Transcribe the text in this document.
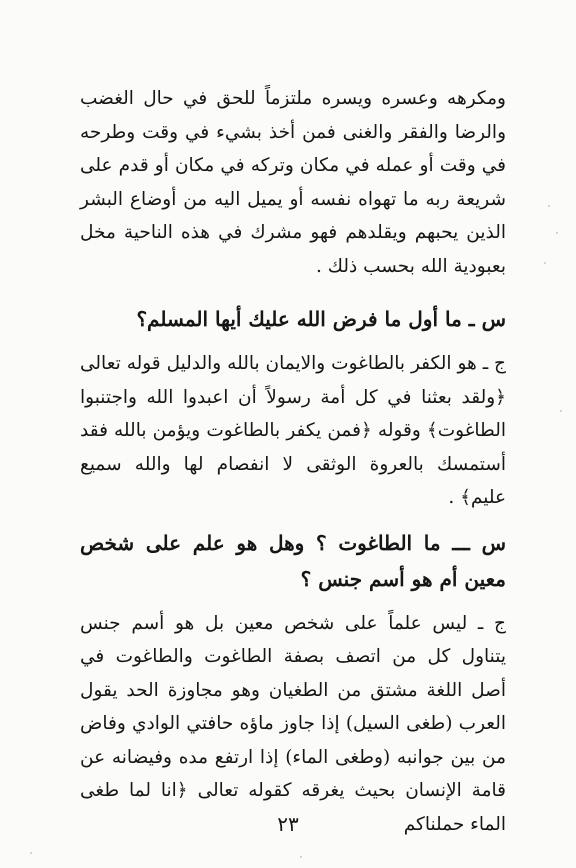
ومكرهه وعسره ويسره ملتزماً للحق في حال الغضب والرضا والفقر والغنى فمن أخذ بشيء في وقت وطرحه في وقت أو عمله في مكان وتركه في مكان أو قدم على شريعة ربه ما تهواه نفسه أو يميل اليه من أوضاع البشر الذين يحبهم ويقلدهم فهو مشرك في هذه الناحية مخل بعبودية الله بحسب ذلك .

س ـ ما أول ما فرض الله عليك أيها المسلم؟

ج ـ هو الكفر بالطاغوت والايمان بالله والدليل قوله تعالى ﴿ولقد بعثنا في كل أمة رسولاً أن اعبدوا الله واجتنبوا الطاغوت﴾ وقوله ﴿فمن يكفر بالطاغوت ويؤمن بالله فقد أستمسك بالعروة الوثقى لا انفصام لها والله سميع عليم﴾ .

س ـــ ما الطاغوت ؟ وهل هو علم على شخص معين أم هو أسم جنس ؟

ج ـ ليس علماً على شخص معين بل هو أسم جنس يتناول كل من اتصف بصفة الطاغوت والطاغوت في أصل اللغة مشتق من الطغيان وهو مجاوزة الحد يقول العرب (طغى السيل) إذا جاوز ماؤه حافتي الوادي وفاض من بين جوانبه (وطغى الماء) إذا ارتفع مده وفيضانه عن قامة الإنسان بحيث يغرقه كقوله تعالى ﴿انا لما طغى الماء حملناكم

٢٣
